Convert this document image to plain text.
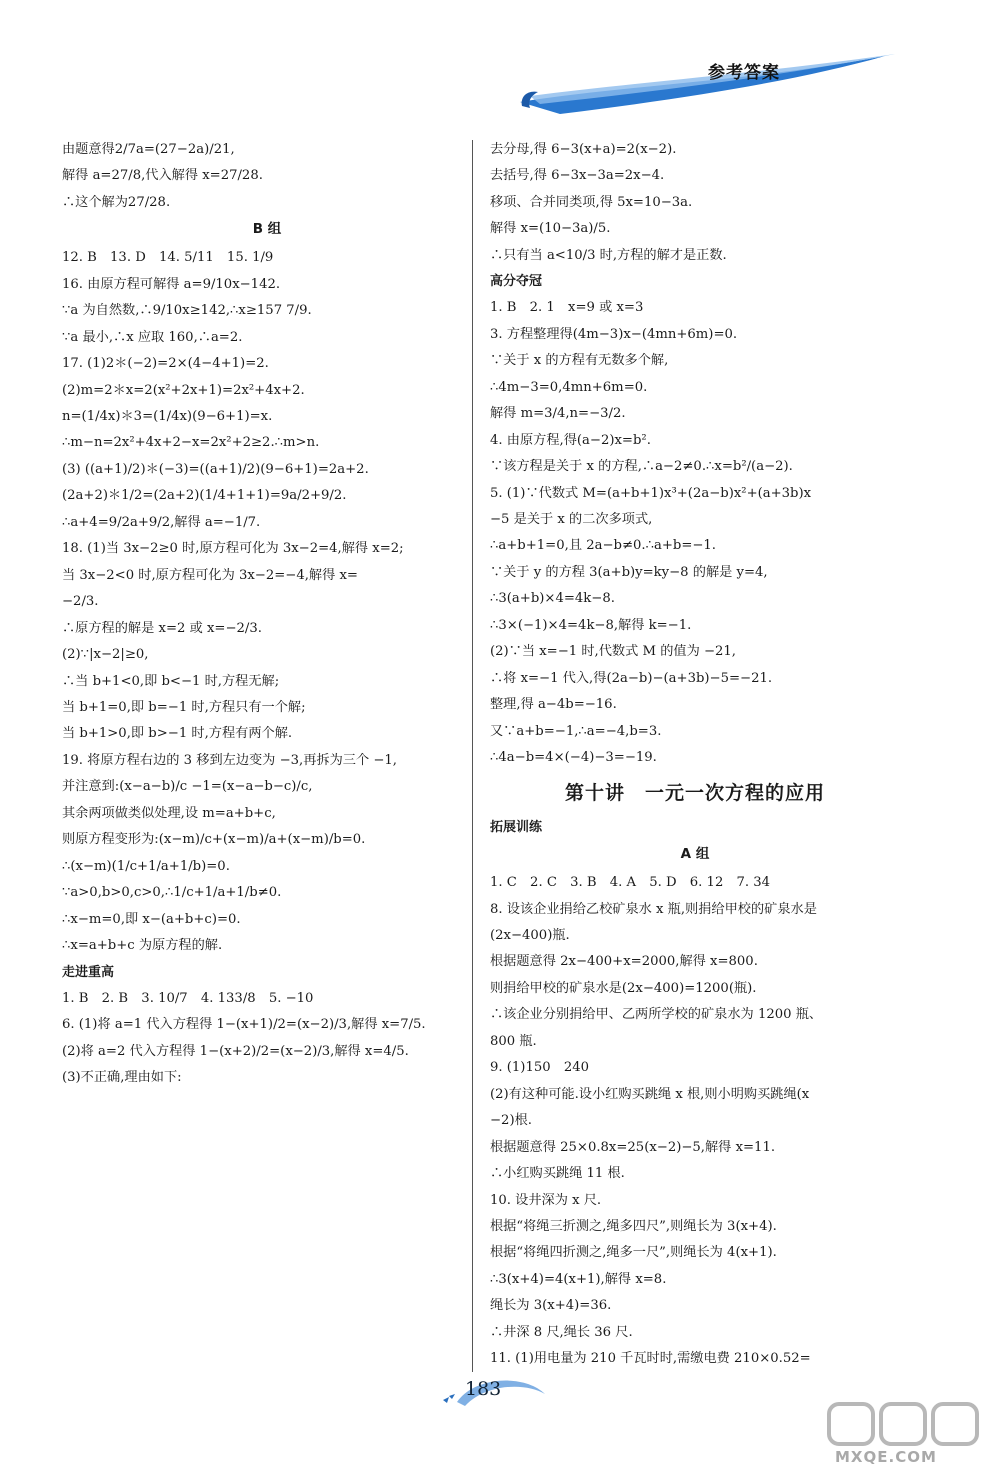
参考答案

由题意得2/7a=(27−2a)/21,

解得 a=27/8,代入解得 x=27/28.

∴这个解为27/28.

B 组

12. B　13. D　14. 5/11　15. 1/9

16. 由原方程可解得 a=9/10x−142.

∵a 为自然数,∴9/10x≥142,∴x≥157 7/9.

∵a 最小,∴x 应取 160,∴a=2.

17. (1)2＊(−2)=2×(4−4+1)=2.

(2)m=2＊x=2(x²+2x+1)=2x²+4x+2.

n=(1/4x)＊3=(1/4x)(9−6+1)=x.

∴m−n=2x²+4x+2−x=2x²+2≥2.∴m>n.

(3) ((a+1)/2)＊(−3)=((a+1)/2)(9−6+1)=2a+2.

(2a+2)＊1/2=(2a+2)(1/4+1+1)=9a/2+9/2.

∴a+4=9/2a+9/2,解得 a=−1/7.

18. (1)当 3x−2≥0 时,原方程可化为 3x−2=4,解得 x=2;

当 3x−2<0 时,原方程可化为 3x−2=−4,解得 x=

−2/3.

∴原方程的解是 x=2 或 x=−2/3.

(2)∵|x−2|≥0,

∴当 b+1<0,即 b<−1 时,方程无解;

当 b+1=0,即 b=−1 时,方程只有一个解;

当 b+1>0,即 b>−1 时,方程有两个解.

19. 将原方程右边的 3 移到左边变为 −3,再拆为三个 −1,

并注意到:(x−a−b)/c −1=(x−a−b−c)/c,

其余两项做类似处理,设 m=a+b+c,

则原方程变形为:(x−m)/c+(x−m)/a+(x−m)/b=0.

∴(x−m)(1/c+1/a+1/b)=0.

∵a>0,b>0,c>0,∴1/c+1/a+1/b≠0.

∴x−m=0,即 x−(a+b+c)=0.

∴x=a+b+c 为原方程的解.

走进重高

1. B　2. B　3. 10/7　4. 133/8　5. −10

6. (1)将 a=1 代入方程得 1−(x+1)/2=(x−2)/3,解得 x=7/5.

(2)将 a=2 代入方程得 1−(x+2)/2=(x−2)/3,解得 x=4/5.

(3)不正确,理由如下:

去分母,得 6−3(x+a)=2(x−2).

去括号,得 6−3x−3a=2x−4.

移项、合并同类项,得 5x=10−3a.

解得 x=(10−3a)/5.

∴只有当 a<10/3 时,方程的解才是正数.

高分夺冠

1. B　2. 1　x=9 或 x=3

3. 方程整理得(4m−3)x−(4mn+6m)=0.

∵关于 x 的方程有无数多个解,

∴4m−3=0,4mn+6m=0.

解得 m=3/4,n=−3/2.

4. 由原方程,得(a−2)x=b².

∵该方程是关于 x 的方程,∴a−2≠0.∴x=b²/(a−2).

5. (1)∵代数式 M=(a+b+1)x³+(2a−b)x²+(a+3b)x

−5 是关于 x 的二次多项式,

∴a+b+1=0,且 2a−b≠0.∴a+b=−1.

∵关于 y 的方程 3(a+b)y=ky−8 的解是 y=4,

∴3(a+b)×4=4k−8.

∴3×(−1)×4=4k−8,解得 k=−1.

(2)∵当 x=−1 时,代数式 M 的值为 −21,

∴将 x=−1 代入,得(2a−b)−(a+3b)−5=−21.

整理,得 a−4b=−16.

又∵a+b=−1,∴a=−4,b=3.

∴4a−b=4×(−4)−3=−19.

第十讲　一元一次方程的应用

拓展训练

A 组

1. C　2. C　3. B　4. A　5. D　6. 12　7. 34

8. 设该企业捐给乙校矿泉水 x 瓶,则捐给甲校的矿泉水是

(2x−400)瓶.

根据题意得 2x−400+x=2000,解得 x=800.

则捐给甲校的矿泉水是(2x−400)=1200(瓶).

∴该企业分别捐给甲、乙两所学校的矿泉水为 1200 瓶、

800 瓶.

9. (1)150　240

(2)有这种可能.设小红购买跳绳 x 根,则小明购买跳绳(x

−2)根.

根据题意得 25×0.8x=25(x−2)−5,解得 x=11.

∴小红购买跳绳 11 根.

10. 设井深为 x 尺.

根据“将绳三折测之,绳多四尺”,则绳长为 3(x+4).

根据“将绳四折测之,绳多一尺”,则绳长为 4(x+1).

∴3(x+4)=4(x+1),解得 x=8.

绳长为 3(x+4)=36.

∴井深 8 尺,绳长 36 尺.

11. (1)用电量为 210 千瓦时时,需缴电费 210×0.52=

183
MXQE.COM
